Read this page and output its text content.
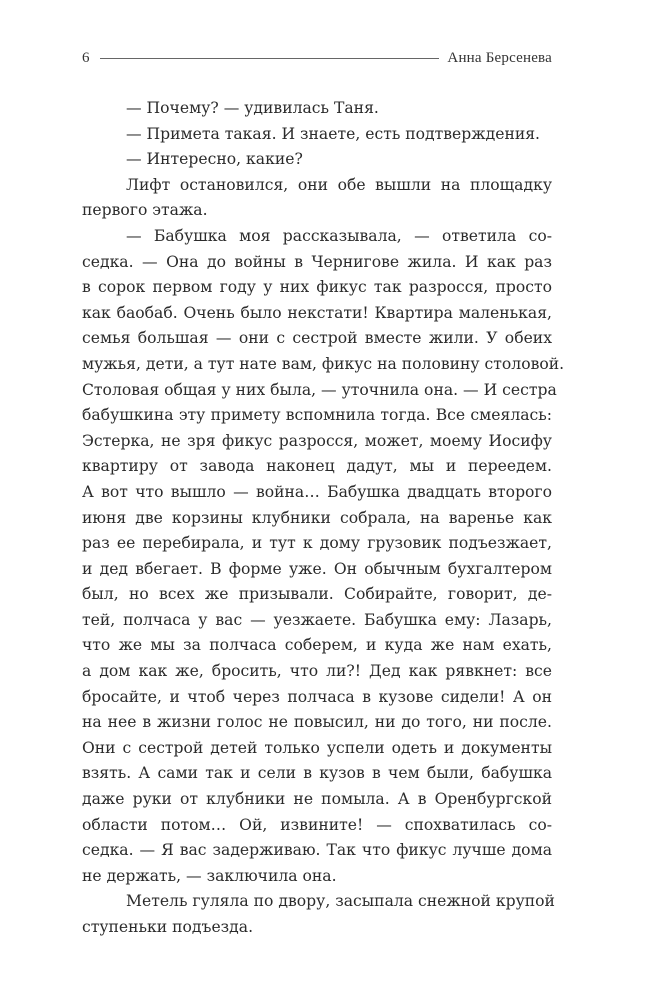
6	Анна Берсенева

— Почему? — удивилась Таня.

— Примета такая. И знаете, есть подтверждения.

— Интересно, какие?

Лифт остановился, они обе вышли на площадку
первого этажа.

— Бабушка моя рассказывала, — ответила со-
седка. — Она до войны в Чернигове жила. И как раз
в сорок первом году у них фикус так разросся, просто
как баобаб. Очень было некстати! Квартира маленькая,
семья большая — они с сестрой вместе жили. У обеих
мужья, дети, а тут нате вам, фикус на половину столовой.
Столовая общая у них была, — уточнила она. — И сестра
бабушкина эту примету вспомнила тогда. Все смеялась:
Эстерка, не зря фикус разросся, может, моему Иосифу
квартиру от завода наконец дадут, мы и переедем.
А вот что вышло — война… Бабушка двадцать второго
июня две корзины клубники собрала, на варенье как
раз ее перебирала, и тут к дому грузовик подъезжает,
и дед вбегает. В форме уже. Он обычным бухгалтером
был, но всех же призывали. Собирайте, говорит, де-
тей, полчаса у вас — уезжаете. Бабушка ему: Лазарь,
что же мы за полчаса соберем, и куда же нам ехать,
а дом как же, бросить, что ли?! Дед как рявкнет: все
бросайте, и чтоб через полчаса в кузове сидели! А он
на нее в жизни голос не повысил, ни до того, ни после.
Они с сестрой детей только успели одеть и документы
взять. А сами так и сели в кузов в чем были, бабушка
даже руки от клубники не помыла. А в Оренбургской
области потом… Ой, извините! — спохватилась со-
седка. — Я вас задерживаю. Так что фикус лучше дома
не держать, — заключила она.

Метель гуляла по двору, засыпала снежной крупой
ступеньки подъезда.
